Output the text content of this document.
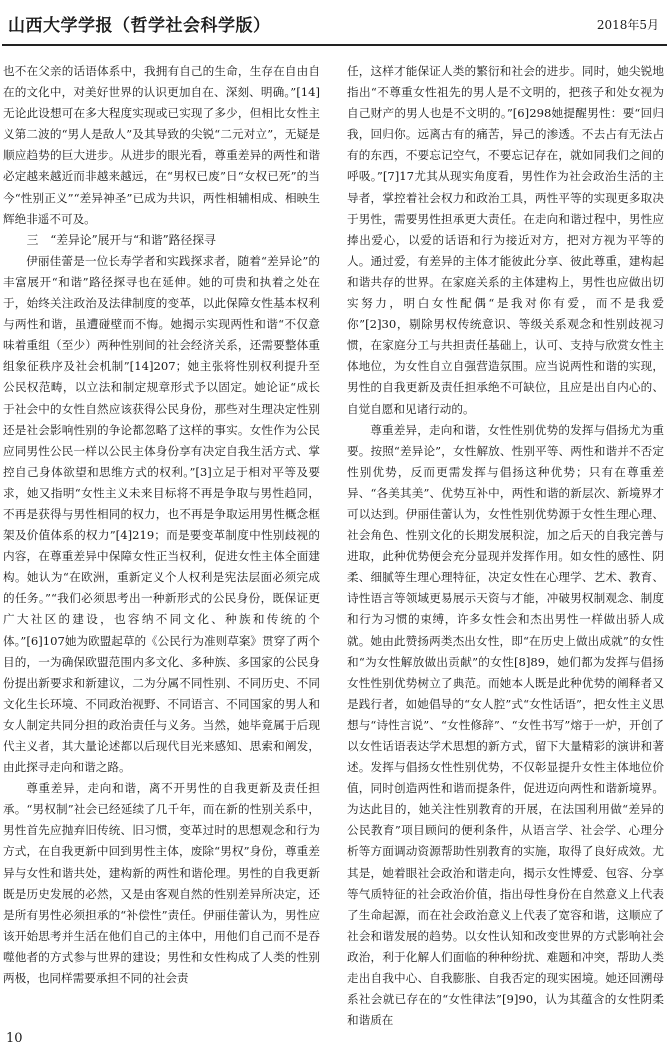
山西大学学报（哲学社会科学版）	2018年5月

也不在父亲的话语体系中，我拥有自己的生命，生存在自由自在的文化中，对美好世界的认识更加自在、深刻、明确。”[14]无论此设想可在多大程度实现或已实现了多少，但相比女性主义第二波的“男人是敌人”及其导致的尖锐“二元对立”，无疑是顺应趋势的巨大进步。从进步的眼光看，尊重差异的两性和谐必定越来越近而非越来越远，在“男权已废”日“女权已死”的当今“性别正义”“差异神圣”已成为共识，两性相辅相成、相映生辉绝非遥不可及。

三　“差异论”展开与“和谐”路径探寻

伊丽佳蕾是一位长寿学者和实践探求者，随着“差异论”的丰富展开“和谐”路径探寻也在延伸。她的可贵和执着之处在于，始终关注政治及法律制度的变革，以此保障女性基本权利与两性和谐，虽遭碰壁而不悔。她揭示实现两性和谐“不仅意味着重组（至少）两种性别间的社会经济关系，还需要整体重组象征秩序及社会机制”[14]207；她主张将性别权利提升至公民权范畴，以立法和制定规章形式予以固定。她论证“成长于社会中的女性自然应该获得公民身份，那些对生理决定性别还是社会影响性别的争论都忽略了这样的事实。女性作为公民应同男性公民一样以公民主体身份享有决定自我生活方式、掌控自己身体欲望和思维方式的权利。”[3]立足于相对平等及要求，她又指明“女性主义未来目标将不再是争取与男性趋同，不再是获得与男性相同的权力，也不再是争取运用男性概念框架及价值体系的权力”[4]219；而是要变革制度中性别歧视的内容，在尊重差异中保障女性正当权利，促进女性主体全面建构。她认为“在欧洲，重新定义个人权利是宪法层面必须完成的任务。”“我们必须思考出一种新形式的公民身份，既保证更广大社区的建设，也容纳不同文化、种族和传统的个体。”[6]107她为欧盟起草的《公民行为准则草案》贯穿了两个目的，一为确保欧盟范围内多文化、多种族、多国家的公民身份提出新要求和新建议，二为分属不同性别、不同历史、不同文化生长环境、不同政治视野、不同语言、不同国家的男人和女人制定共同分担的政治责任与义务。当然，她毕竟属于后现代主义者，其大量论述都以后现代目光来感知、思索和阐发，由此探寻走向和谐之路。

尊重差异，走向和谐，离不开男性的自我更新及责任担承。“男权制”社会已经延续了几千年，而在新的性别关系中，男性首先应抛弃旧传统、旧习惯，变革过时的思想观念和行为方式，在自我更新中回到男性主体，废除“男权”身份，尊重差异与女性和谐共处，建构新的两性和谐伦理。男性的自我更新既是历史发展的必然，又是由客观自然的性别差异所决定，还是所有男性必须担承的“补偿性”责任。伊丽佳蕾认为，男性应该开始思考并生活在他们自己的主体中，用他们自己而不是吞噬他者的方式参与世界的建设；男性和女性构成了人类的性别两极，也同样需要承担不同的社会责

任，这样才能保证人类的繁衍和社会的进步。同时，她尖锐地指出“不尊重女性祖先的男人是不文明的，把孩子和处女视为自己财产的男人也是不文明的。”[6]298她提醒男性：要“回归我，回归你。远离古有的痛苦，异己的渗透。不去占有无法占有的东西，不要忘记空气，不要忘记存在，就如同我们之间的呼吸。”[7]17尤其从现实角度看，男性作为社会政治生活的主导者，掌控着社会权力和政治工具，两性平等的实现更多取决于男性，需要男性担承更大责任。在走向和谐过程中，男性应捧出爱心，以爱的话语和行为接近对方，把对方视为平等的人。通过爱，有差异的主体才能彼此分享、彼此尊重，建构起和谐共存的世界。在家庭关系的主体建构上，男性也应做出切实努力，明白女性配偶“是我对你有爱，而不是我爱你”[2]30，剔除男权传统意识、等级关系观念和性别歧视习惯，在家庭分工与共担责任基础上，认可、支持与欣赏女性主体地位，为女性自立自强营造氛围。应当说两性和谐的实现，男性的自我更新及责任担承绝不可缺位，且应是出自内心的、自觉自愿和见诸行动的。

尊重差异，走向和谐，女性性别优势的发挥与倡扬尤为重要。按照“差异论”，女性解放、性别平等、两性和谐并不否定性别优势，反而更需发挥与倡扬这种优势；只有在尊重差异、“各美其美”、优势互补中，两性和谐的新层次、新境界才可以达到。伊丽佳蕾认为，女性性别优势源于女性生理心理、社会角色、性别文化的长期发展积淀，加之后天的自我完善与进取，此种优势便会充分显现并发挥作用。如女性的感性、阴柔、细腻等生理心理特征，决定女性在心理学、艺术、教育、诗性语言等领域更易展示天资与才能，冲破男权制观念、制度和行为习惯的束缚，许多女性会和杰出男性一样做出骄人成就。她由此赞扬两类杰出女性，即“在历史上做出成就”的女性和“为女性解放做出贡献”的女性[8]89，她们都为发挥与倡扬女性性别优势树立了典范。而她本人既是此种优势的阐释者又是践行者，如她倡导的“女人腔”式“女性话语”，把女性主义思想与“诗性言说”、“女性修辞”、“女性书写”熔于一炉，开创了以女性话语表达学术思想的新方式，留下大量精彩的演讲和著述。发挥与倡扬女性性别优势，不仅彰显提升女性主体地位价值，同时创造两性和谐而提条件，促进迈向两性和谐新境界。为达此目的，她关注性别教育的开展，在法国利用做“差异的公民教育”项目顾问的便利条件，从语言学、社会学、心理分析等方面调动资源帮助性别教育的实施，取得了良好成效。尤其是，她着眼社会政治和谐走向，揭示女性博爱、包容、分享等气质特征的社会政治价值，指出母性身份在自然意义上代表了生命起源，而在社会政治意义上代表了宽容和谐，这顺应了社会和谐发展的趋势。以女性认知和改变世界的方式影响社会政治，利于化解人们面临的种种纷扰、难题和冲突，帮助人类走出自我中心、自我膨胀、自我否定的现实困境。她还回溯母系社会就已存在的“女性律法”[9]90，认为其蕴含的女性阴柔和谐质在

10
